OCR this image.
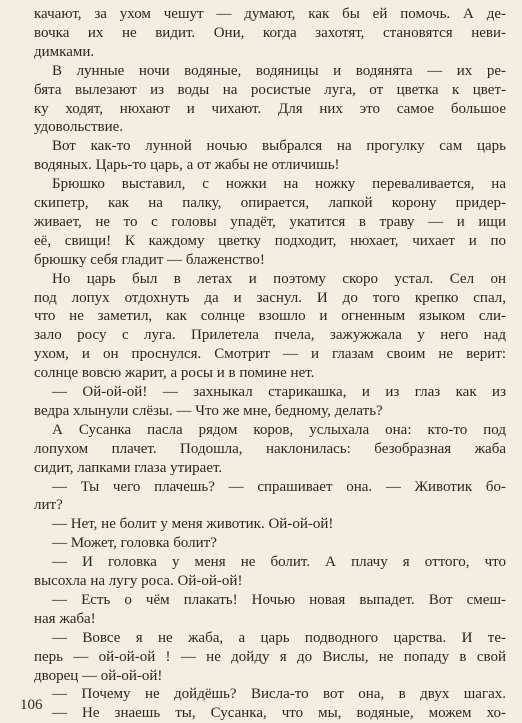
качают, за ухом чешут — думают, как бы ей помочь. А де-
вочка их не видит. Они, когда захотят, становятся неви-
димками.
В лунные ночи водяные, водяницы и водянята — их ре-
бята вылезают из воды на росистые луга, от цветка к цвет-
ку ходят, нюхают и чихают. Для них это самое большое
удовольствие.
Вот как-то лунной ночью выбрался на прогулку сам царь
водяных. Царь-то царь, а от жабы не отличишь!
Брюшко выставил, с ножки на ножку переваливается, на
скипетр, как на палку, опирается, лапкой корону придер-
живает, не то с головы упадёт, укатится в траву — и ищи
её, свищи! К каждому цветку подходит, нюхает, чихает и по
брюшку себя гладит — блаженство!
Но царь был в летах и поэтому скоро устал. Сел он
под лопух отдохнуть да и заснул. И до того крепко спал,
что не заметил, как солнце взошло и огненным языком сли-
зало росу с луга. Прилетела пчела, зажужжала у него над
ухом, и он проснулся. Смотрит — и глазам своим не верит:
солнце вовсю жарит, а росы и в помине нет.
— Ой-ой-ой! — захныкал старикашка, и из глаз как из
ведра хлынули слёзы. — Что же мне, бедному, делать?
А Сусанка пасла рядом коров, услыхала она: кто-то под
лопухом плачет. Подошла, наклонилась: безобразная жаба
сидит, лапками глаза утирает.
— Ты чего плачешь? — спрашивает она. — Животик бо-
лит?
— Нет, не болит у меня животик. Ой-ой-ой!
— Может, головка болит?
— И головка у меня не болит. А плачу я оттого, что
высохла на лугу роса. Ой-ой-ой!
— Есть о чём плакать! Ночью новая выпадет. Вот смеш-
ная жаба!
— Вовсе я не жаба, а царь подводного царства. И те-
перь — ой-ой-ой ! — не дойду я до Вислы, не попаду в свой
дворец — ой-ой-ой!
— Почему не дойдёшь? Висла-то вот она, в двух шагах.
— Не знаешь ты, Сусанка, что мы, водяные, можем хо-
106
